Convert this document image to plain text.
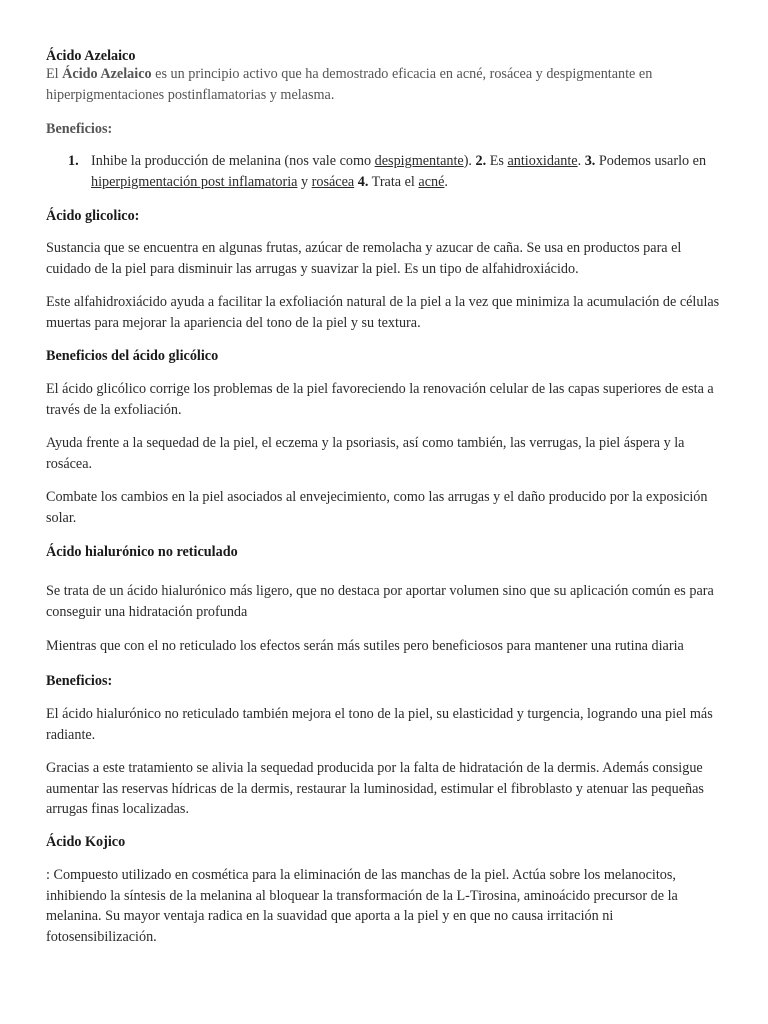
Ácido Azelaico

El Ácido Azelaico es un principio activo que ha demostrado eficacia en acné, rosácea y despigmentante en hiperpigmentaciones postinflamatorias y melasma.

Beneficios:
1. Inhibe la producción de melanina (nos vale como despigmentante). 2. Es antioxidante. 3. Podemos usarlo en hiperpigmentación post inflamatoria y rosácea 4. Trata el acné.

Ácido glicolico:

Sustancia que se encuentra en algunas frutas, azúcar de remolacha y azucar de caña. Se usa en productos para el cuidado de la piel para disminuir las arrugas y suavizar la piel. Es un tipo de alfahidroxiácido.

Este alfahidroxiácido ayuda a facilitar la exfoliación natural de la piel a la vez que minimiza la acumulación de células muertas para mejorar la apariencia del tono de la piel y su textura.

Beneficios del ácido glicólico

El ácido glicólico corrige los problemas de la piel favoreciendo la renovación celular de las capas superiores de esta a través de la exfoliación.

Ayuda frente a la sequedad de la piel, el eczema y la psoriasis, así como también, las verrugas, la piel áspera y la rosácea.

Combate los cambios en la piel asociados al envejecimiento, como las arrugas y el daño producido por la exposición solar.

Ácido hialurónico no reticulado

Se trata de un ácido hialurónico más ligero, que no destaca por aportar volumen sino que su aplicación común es para conseguir una hidratación profunda

Mientras que con el no reticulado los efectos serán más sutiles pero beneficiosos para mantener una rutina diaria

Beneficios:

El ácido hialurónico no reticulado también mejora el tono de la piel, su elasticidad y turgencia, logrando una piel más radiante.

Gracias a este tratamiento se alivia la sequedad producida por la falta de hidratación de la dermis. Además consigue aumentar las reservas hídricas de la dermis, restaurar la luminosidad, estimular el fibroblasto y atenuar las pequeñas arrugas finas localizadas.

Ácido Kojico

: Compuesto utilizado en cosmética para la eliminación de las manchas de la piel. Actúa sobre los melanocitos, inhibiendo la síntesis de la melanina al bloquear la transformación de la L-Tirosina, aminoácido precursor de la melanina. Su mayor ventaja radica en la suavidad que aporta a la piel y en que no causa irritación ni fotosensibilización.
